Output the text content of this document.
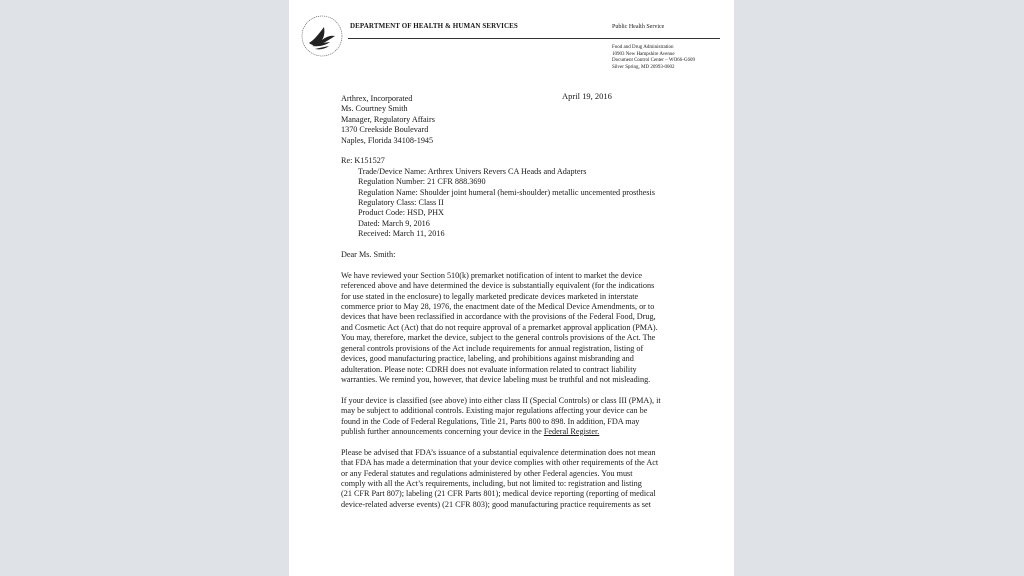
DEPARTMENT OF HEALTH & HUMAN SERVICES	Public Health Service
Food and Drug Administration
10903 New Hampshire Avenue
Document Control Center – WO66-G609
Silver Spring, MD 20993-0002
April 19, 2016
Arthrex, Incorporated
Ms. Courtney Smith
Manager, Regulatory Affairs
1370 Creekside Boulevard
Naples, Florida 34108-1945
Re: K151527
Trade/Device Name: Arthrex Univers Revers CA Heads and Adapters
Regulation Number: 21 CFR 888.3690
Regulation Name: Shoulder joint humeral (hemi-shoulder) metallic uncemented prosthesis
Regulatory Class: Class II
Product Code: HSD, PHX
Dated: March 9, 2016
Received: March 11, 2016
Dear Ms. Smith:
We have reviewed your Section 510(k) premarket notification of intent to market the device
referenced above and have determined the device is substantially equivalent (for the indications
for use stated in the enclosure) to legally marketed predicate devices marketed in interstate
commerce prior to May 28, 1976, the enactment date of the Medical Device Amendments, or to
devices that have been reclassified in accordance with the provisions of the Federal Food, Drug,
and Cosmetic Act (Act) that do not require approval of a premarket approval application (PMA).
You may, therefore, market the device, subject to the general controls provisions of the Act. The
general controls provisions of the Act include requirements for annual registration, listing of
devices, good manufacturing practice, labeling, and prohibitions against misbranding and
adulteration. Please note: CDRH does not evaluate information related to contract liability
warranties. We remind you, however, that device labeling must be truthful and not misleading.
If your device is classified (see above) into either class II (Special Controls) or class III (PMA), it
may be subject to additional controls. Existing major regulations affecting your device can be
found in the Code of Federal Regulations, Title 21, Parts 800 to 898. In addition, FDA may
publish further announcements concerning your device in the Federal Register.
Please be advised that FDA’s issuance of a substantial equivalence determination does not mean
that FDA has made a determination that your device complies with other requirements of the Act
or any Federal statutes and regulations administered by other Federal agencies. You must
comply with all the Act’s requirements, including, but not limited to: registration and listing
(21 CFR Part 807); labeling (21 CFR Parts 801); medical device reporting (reporting of medical
device-related adverse events) (21 CFR 803); good manufacturing practice requirements as set
